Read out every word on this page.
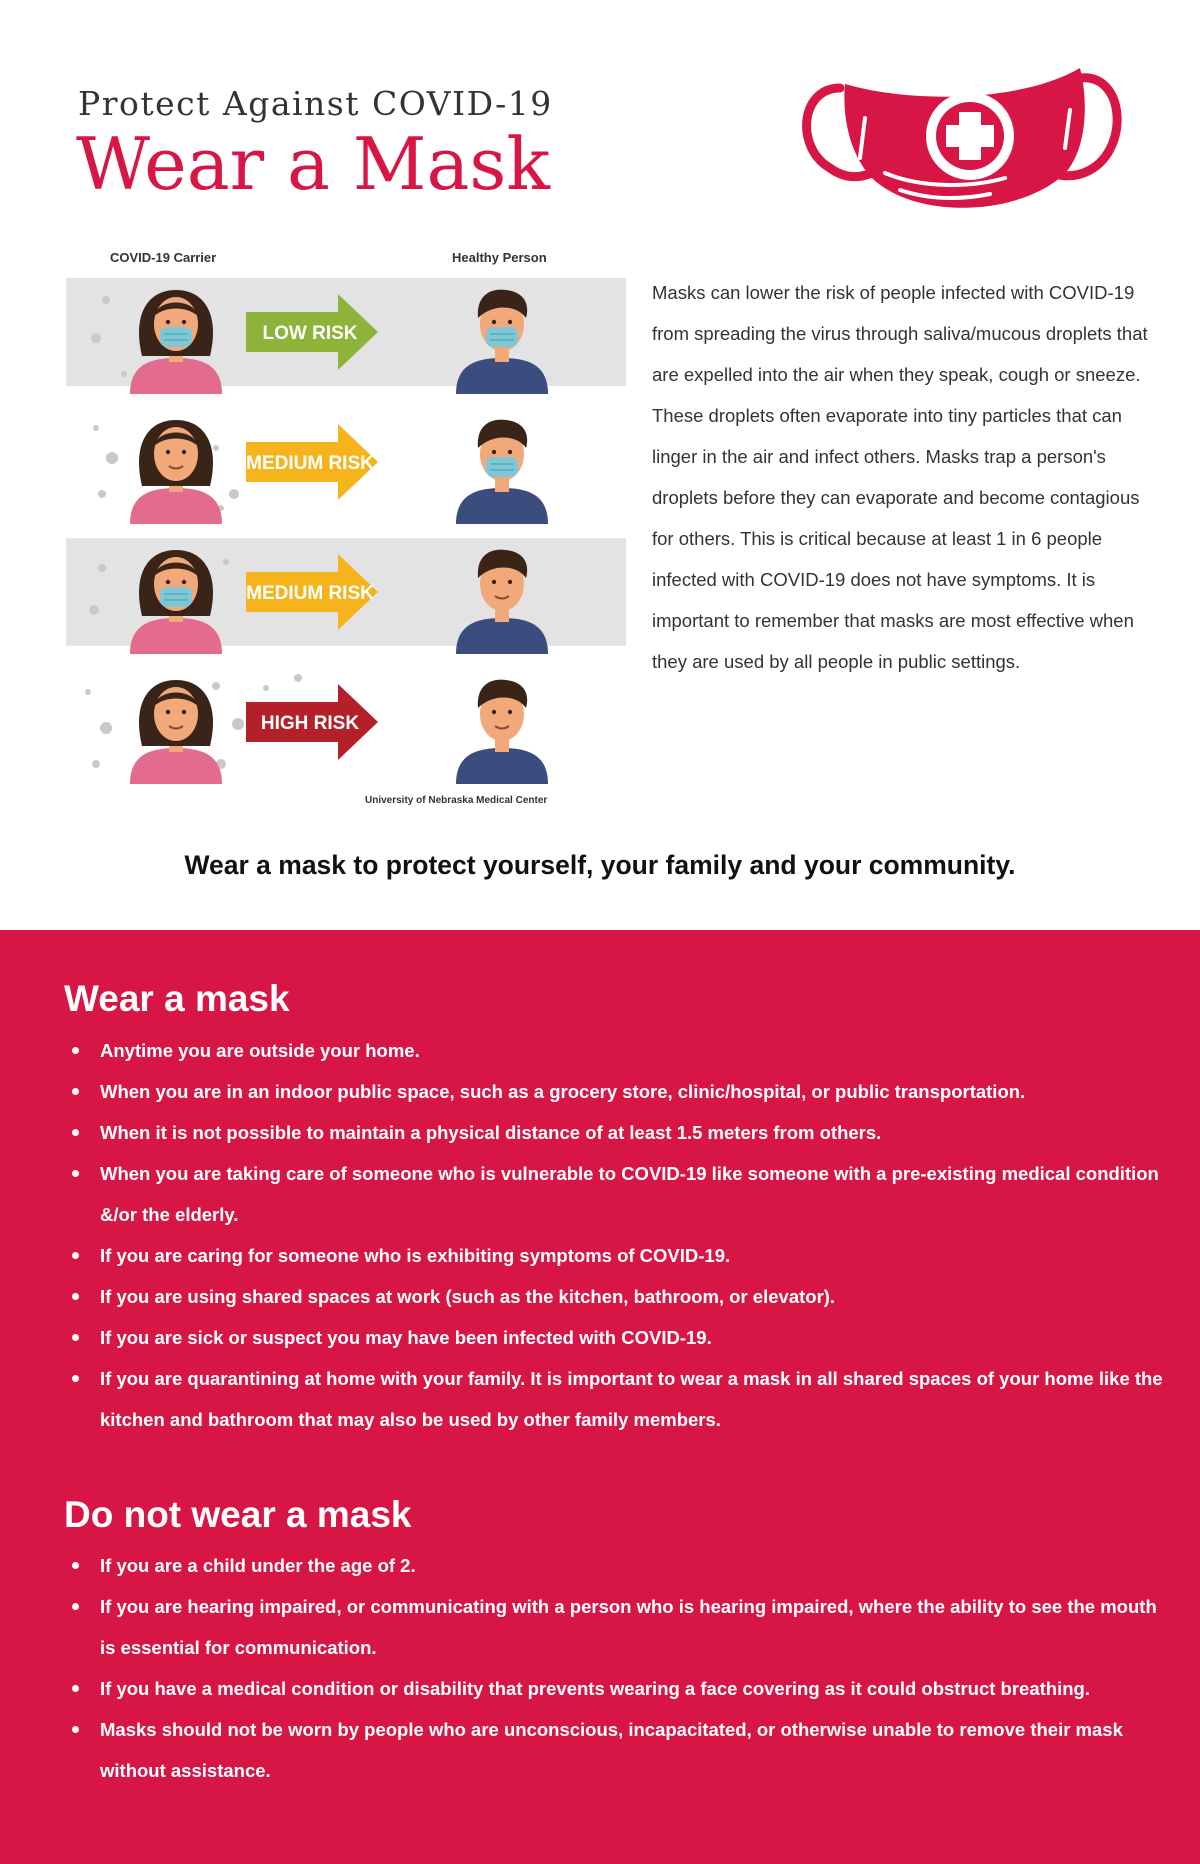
Protect Against COVID-19
Wear a Mask
COVID-19 Carrier	Healthy Person
LOW RISK
MEDIUM RISK
MEDIUM RISK
HIGH RISK
University of Nebraska Medical Center

Masks can lower the risk of people infected with COVID-19 from spreading the virus through saliva/mucous droplets that are expelled into the air when they speak, cough or sneeze. These droplets often evaporate into tiny particles that can linger in the air and infect others. Masks trap a person's droplets before they can evaporate and become contagious for others. This is critical because at least 1 in 6 people infected with COVID-19 does not have symptoms. It is important to remember that masks are most effective when they are used by all people in public settings.

Wear a mask to protect yourself, your family and your community.
Wear a mask
Anytime you are outside your home.
When you are in an indoor public space, such as a grocery store, clinic/hospital, or public transportation.
When it is not possible to maintain a physical distance of at least 1.5 meters from others.
When you are taking care of someone who is vulnerable to COVID-19 like someone with a pre-existing medical condition &/or the elderly.
If you are caring for someone who is exhibiting symptoms of COVID-19.
If you are using shared spaces at work (such as the kitchen, bathroom, or elevator).
If you are sick or suspect you may have been infected with COVID-19.
If you are quarantining at home with your family. It is important to wear a mask in all shared spaces of your home like the kitchen and bathroom that may also be used by other family members.
Do not wear a mask
If you are a child under the age of 2.
If you are hearing impaired, or communicating with a person who is hearing impaired, where the ability to see the mouth is essential for communication.
If you have a medical condition or disability that prevents wearing a face covering as it could obstruct breathing.
Masks should not be worn by people who are unconscious, incapacitated, or otherwise unable to remove their mask without assistance.
